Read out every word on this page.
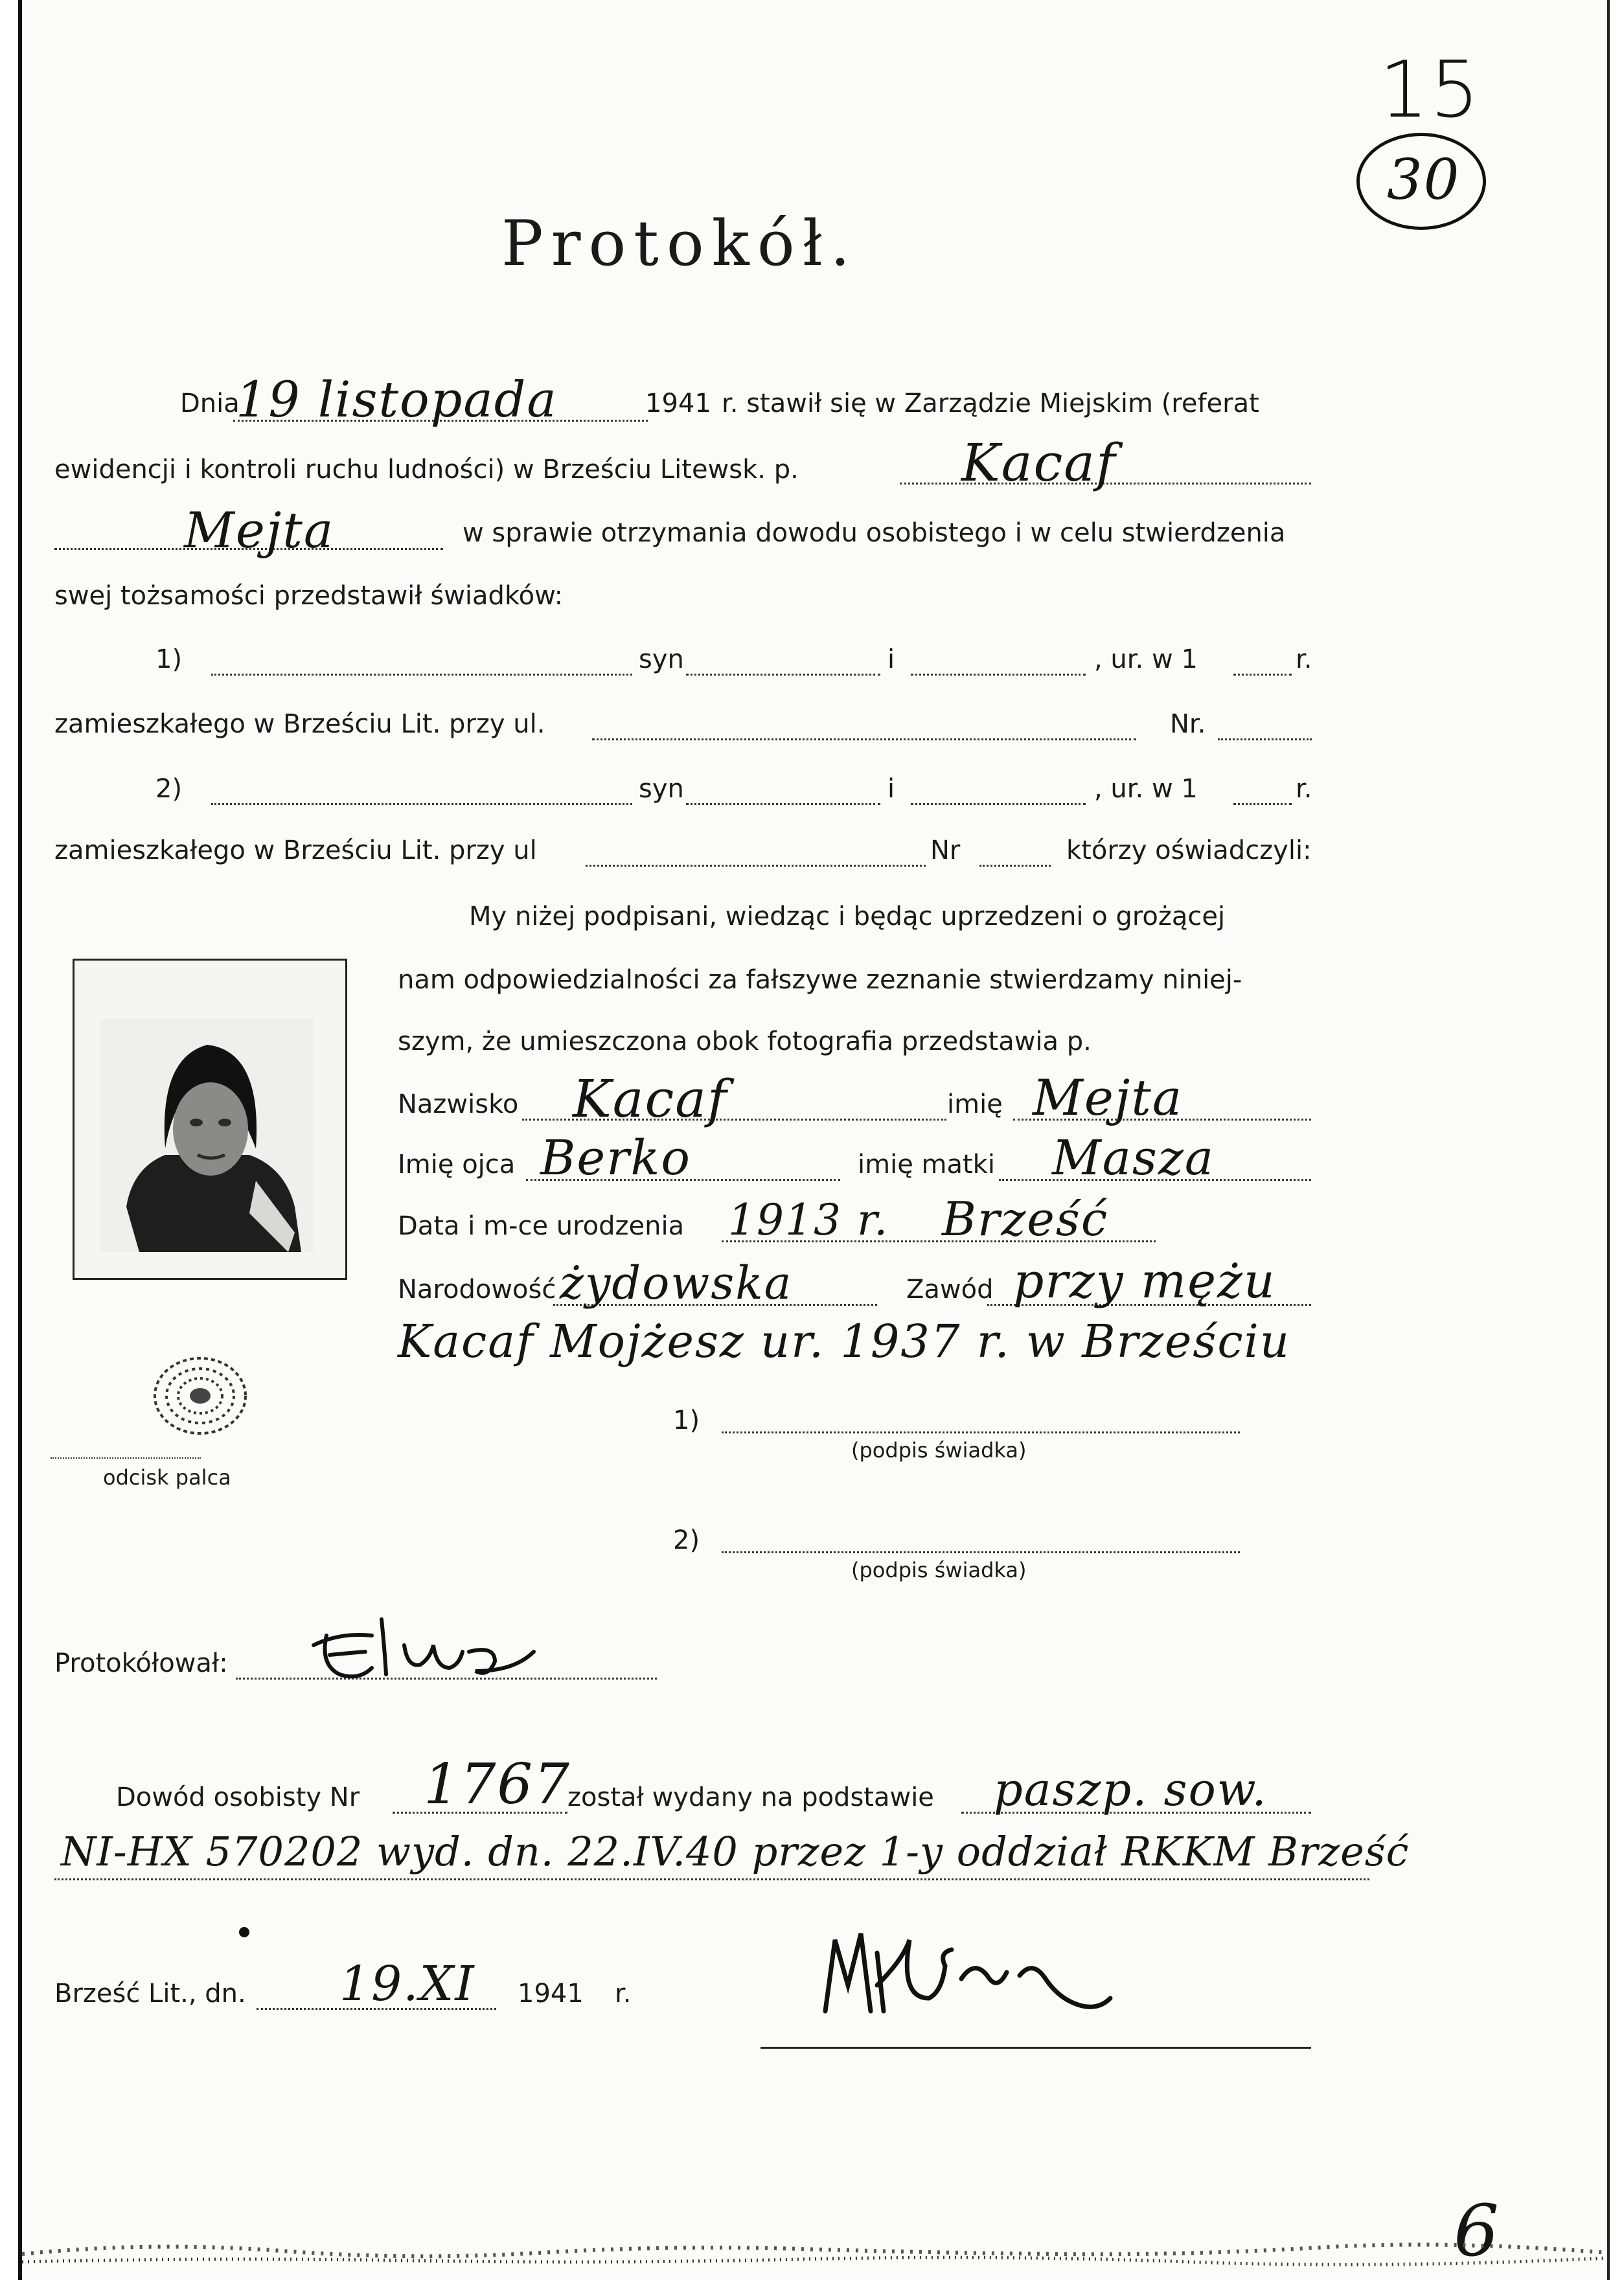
15
30
Protokół.
Dnia
19 listopada	1941 r. stawił się w Zarządzie Miejskim (referat
ewidencji i kontroli ruchu ludności) w Brześciu Litewsk. p.	Kacaf
Mejta	w sprawie otrzymania dowodu osobistego i w celu stwierdzenia
swej tożsamości przedstawił świadków:
1)	syn	i	, ur. w 1	r.
zamieszkałego w Brześciu Lit. przy ul.	Nr.
2)	syn	i	, ur. w 1	r.
zamieszkałego w Brześciu Lit. przy ul	Nr	którzy oświadczyli:
My niżej podpisani, wiedząc i będąc uprzedzeni o grożącej
nam odpowiedzialności za fałszywe zeznanie stwierdzamy niniej-
szym, że umieszczona obok fotografia przedstawia p.
odcisk palca
Nazwisko Kacaf	imię Mejta
Imię ojca Berko	imię matki Masza
Data i m-ce urodzenia 1913 r. Brześć
Narodowość żydowska	Zawód przy mężu
Kacaf Mojżesz ur. 1937 r. w Brześciu
1)
(podpis świadka)
2)
(podpis świadka)
Protokółował:
Dowód osobisty Nr 1767
został wydany na podstawie paszp. sow.
NI-HX 570202 wyd. dn. 22.IV.40 przez 1-y oddział RKKM Brześć
Brześć Lit., dn. 19.XI 1941 r.
6
